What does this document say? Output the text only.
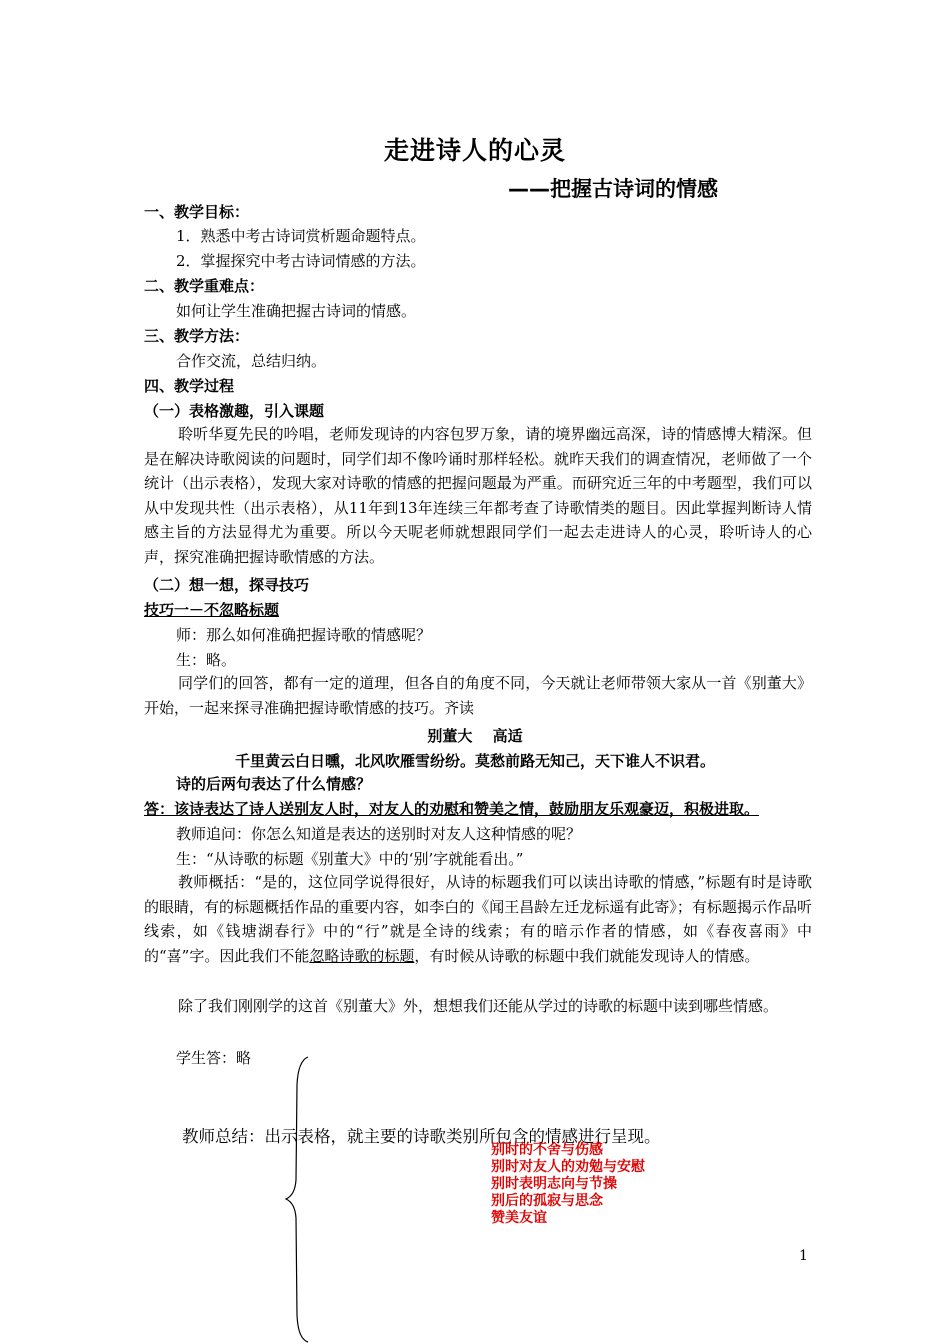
走进诗人的心灵
——把握古诗词的情感
一、教学目标：
1．熟悉中考古诗词赏析题命题特点。
2．掌握探究中考古诗词情感的方法。
二、教学重难点：
如何让学生准确把握古诗词的情感。
三、教学方法：
合作交流，总结归纳。
四、教学过程
（一）表格激趣，引入课题
聆听华夏先民的吟唱，老师发现诗的内容包罗万象，请的境界幽远高深，诗的情感博大精深。但是在解决诗歌阅读的问题时，同学们却不像吟诵时那样轻松。就昨天我们的调查情况，老师做了一个统计（出示表格），发现大家对诗歌的情感的把握问题最为严重。而研究近三年的中考题型，我们可以从中发现共性（出示表格），从11年到13年连续三年都考查了诗歌情类的题目。因此掌握判断诗人情感主旨的方法显得尤为重要。所以今天呢老师就想跟同学们一起去走进诗人的心灵，聆听诗人的心声，探究准确把握诗歌情感的方法。
（二）想一想，探寻技巧
技巧一－不忽略标题
师：那么如何准确把握诗歌的情感呢？
生：略。
同学们的回答，都有一定的道理，但各自的角度不同，今天就让老师带领大家从一首《别董大》开始，一起来探寻准确把握诗歌情感的技巧。齐读
别董大　 高适
千里黄云白日曛，北风吹雁雪纷纷。莫愁前路无知己，天下谁人不识君。
诗的后两句表达了什么情感？
答：该诗表达了诗人送别友人时，对友人的劝慰和赞美之情，鼓励朋友乐观豪迈，积极进取。
教师追问：你怎么知道是表达的送别时对友人这种情感的呢？
生：“从诗歌的标题《别董大》中的‘别’字就能看出。”
教师概括：“是的，这位同学说得很好，从诗的标题我们可以读出诗歌的情感，”标题有时是诗歌的眼睛，有的标题概括作品的重要内容，如李白的《闻王昌龄左迁龙标遥有此寄》；有标题揭示作品听线索，如《钱塘湖春行》中的“行”就是全诗的线索；有的暗示作者的情感，如《春夜喜雨》中的“喜”字。因此我们不能忽略诗歌的标题，有时候从诗歌的标题中我们就能发现诗人的情感。
除了我们刚刚学的这首《别董大》外，想想我们还能从学过的诗歌的标题中读到哪些情感。
学生答：略
教师总结：出示表格，就主要的诗歌类别所包含的情感进行呈现。
别时的不舍与伤感
别时对友人的劝勉与安慰
别时表明志向与节操
别后的孤寂与思念
赞美友谊
1
